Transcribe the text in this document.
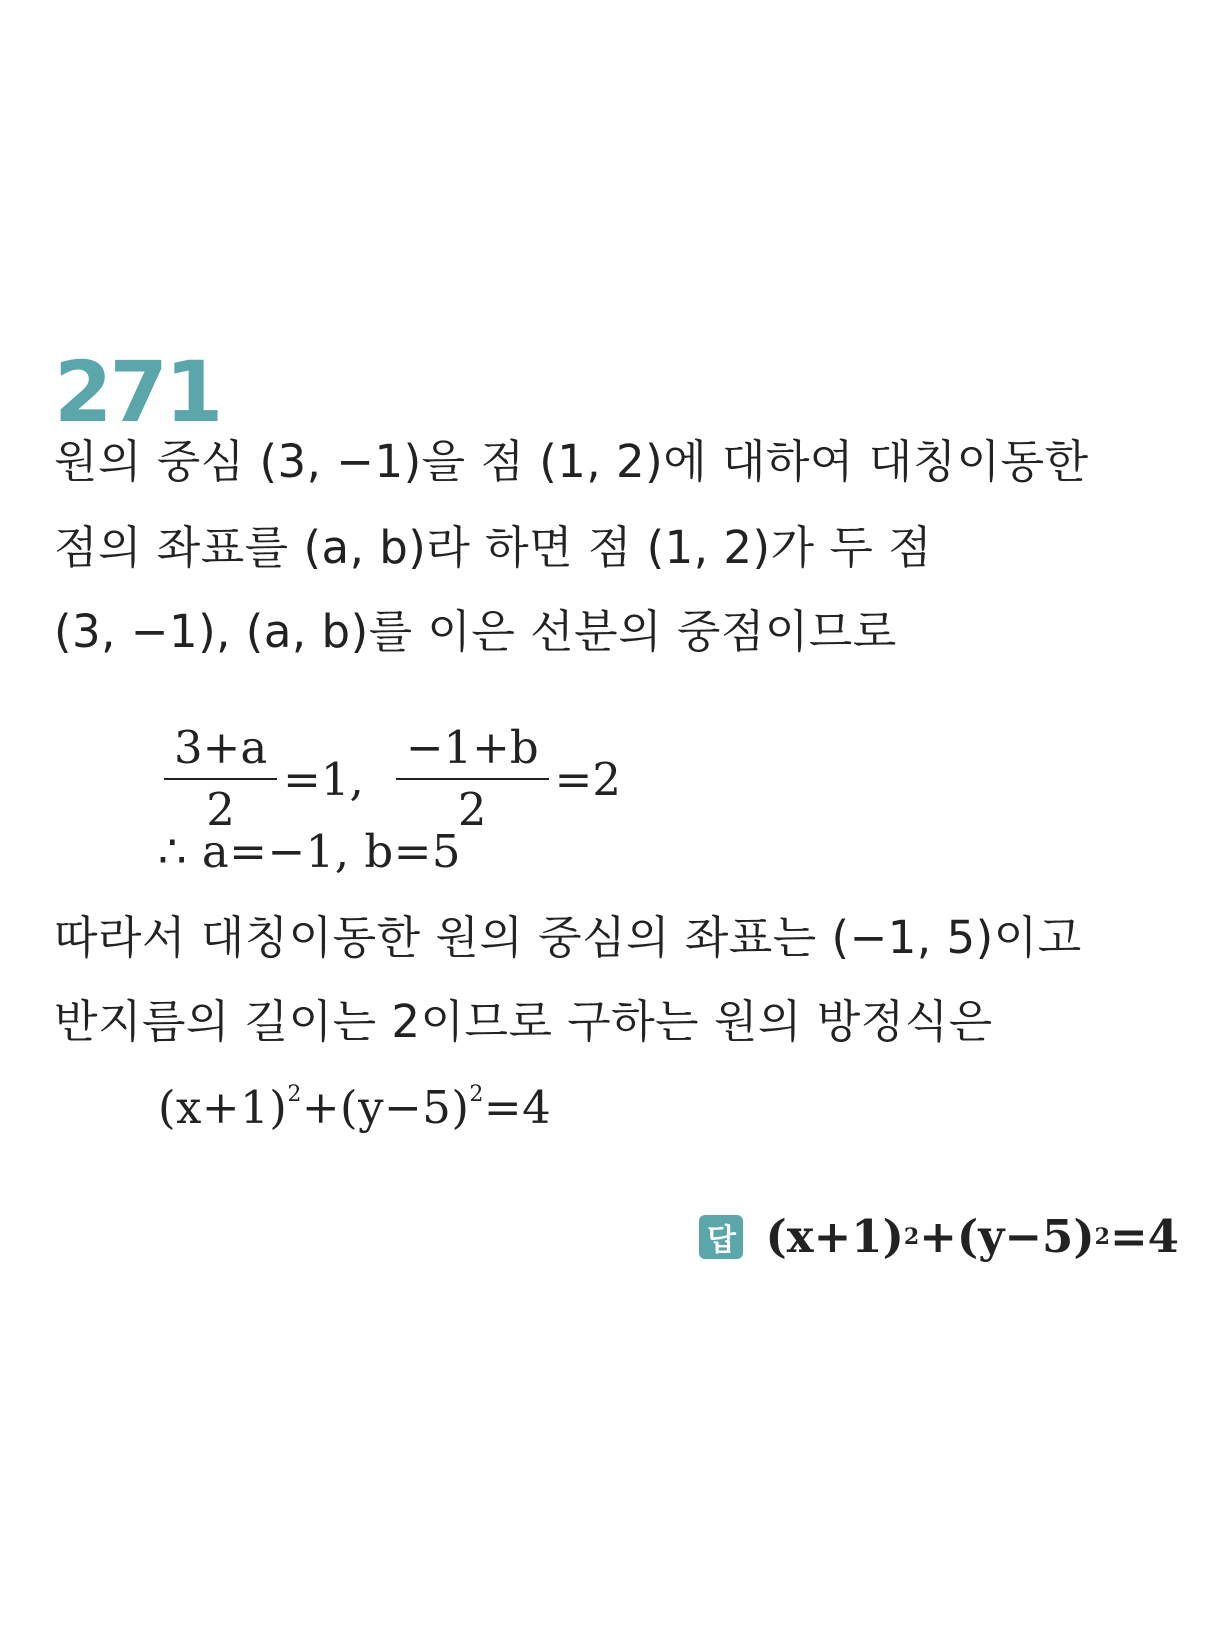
271
원의 중심 (3, −1)을 점 (1, 2)에 대하여 대칭이동한
점의 좌표를 (a, b)라 하면 점 (1, 2)가 두 점
(3, −1), (a, b)를 이은 선분의 중점이므로
$\frac{3+a}{2} =1$, $\frac{-1+b}{2} =2$
∴ a=−1, b=5
따라서 대칭이동한 원의 중심의 좌표는 (−1, 5)이고
반지름의 길이는 2이므로 구하는 원의 방정식은
$(x+1)^2+(y-5)^2=4$
답 (x+1) 2 +(y−5) 2 =4
